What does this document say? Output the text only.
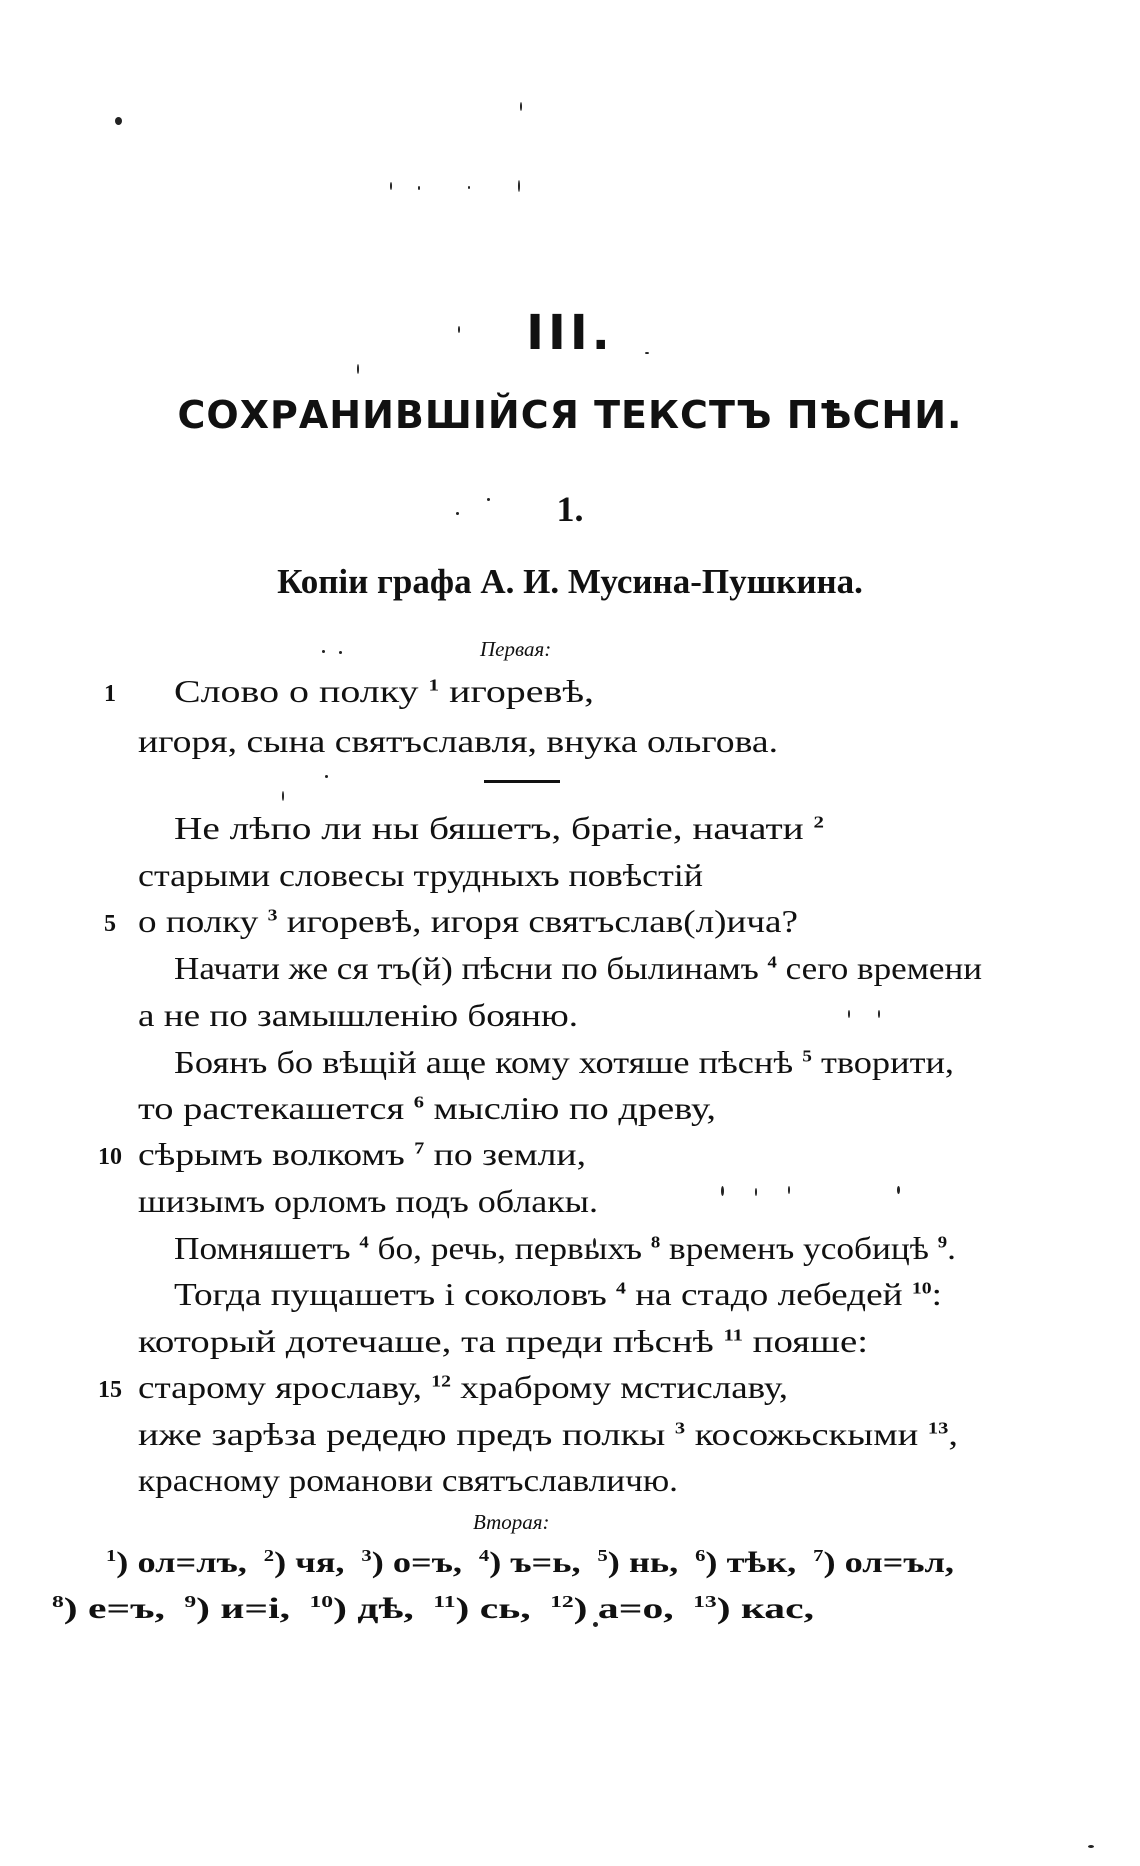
III.
СОХРАНИВШІЙСЯ ТЕКСТЪ ПѢСНИ.
1.
Копіи графа А. И. Мусина-Пушкина.
Первая:
1	Слово о полку $^1$ игоревѣ,
игоря, сына святъславля, внука ольгова.
Не лѣпо ли ны бяшетъ, братіе, начати $^2$
старыми словесы трудныхъ повѣстій
5 о полку $^3$ игоревѣ, игоря святъслав(л)ича?
Начати же ся тъ(й) пѣсни по былинамъ $^4$ сего времени
а не по замышленію бояню.
Боянъ бо вѣщій аще кому хотяше пѣснѣ $^5$ творити,
то растекашется $^6$ мыслію по древу,
10 сѣрымъ волкомъ $^7$ по земли,
шизымъ орломъ подъ облакы.
Помняшетъ $^4$ бо, речь, первыхъ $^8$ временъ усобицѣ $^9$.
Тогда пущашетъ і соколовъ $^4$ на стадо лебедей $^{10}$:
который дотечаше, та преди пѣснѣ $^{11}$ пояше:
15 старому ярославу, $^{12}$ храброму мстиславу,
иже зарѣза редедю предъ полкы $^3$ косожьскыми $^{13}$,
красному романови святъславличю.
Вторая:
$^1$) ол=лъ, $^2$) чя, $^3$) о=ъ, $^4$) ъ=ь, $^5$) нь, $^6$) тѣк, $^7$) ол=ъл,
$^8$) е=ъ, $^9$) и=і, $^{10}$) дѣ, $^{11}$) сь, $^{12}$) а=о, $^{13}$) кас,
